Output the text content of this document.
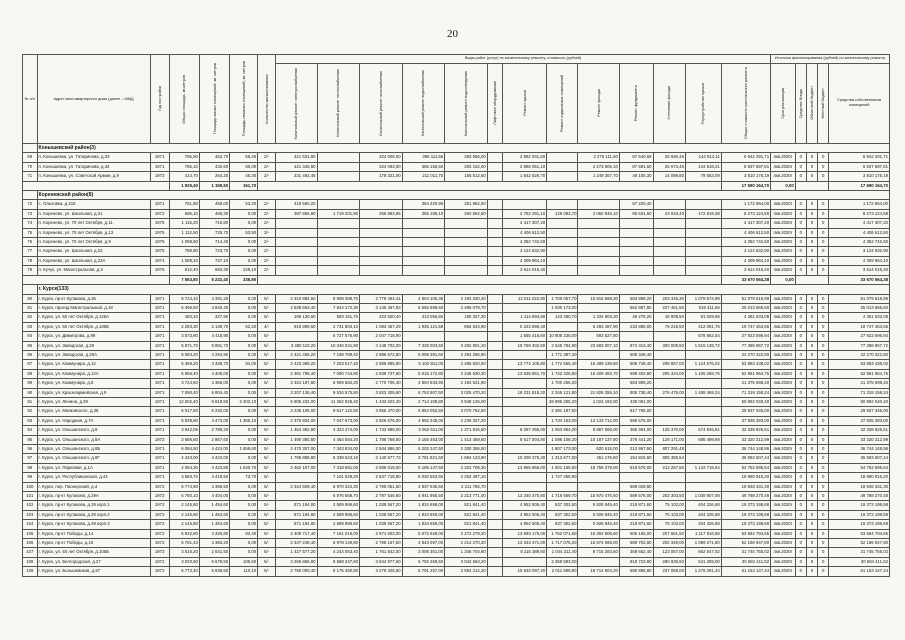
20
№ п/п	Адрес многоквартирного дома (далее – МКД)	Год постройки	Общая площадь, кв.метров	Площадь жилых помещений, кв. метров	Площадь нежилых помещений, кв. метров	Количество жилых/нежилых	Виды работ (услуг) по капитальному ремонту, стоимость (рублей)													Источник финансирования (рублей) по капитальному ремонту				

							Капитальный ремонт электроснабжения	Капитальный ремонт теплоснабжения	Капитальный ремонт газоснабжения	Капитальный ремонт водоснабжения	Капитальный ремонт водоотведения	Лифтовое оборудование	Ремонт крыши	Ремонт подвальных помещений	Ремонт фасада	Ремонт фундамента	Утепление фасада	Переустройство крыши	Общая стоимость капитального ремонта	Срок реализации	Средства Фонда	Областной бюджет	Местный бюджет	Средства собственников помещений
	Конышевский район(3)																							
69	п. Конышевка, ул. Татаринова, д.33	1971	755,50	462,70	56,40	2/-	421 531,80		324 008,00	396 111,56	283 556,00		2 992 931,60		2 275 111,60	87 640,69	25 690,46	144 914,11	6 942 291,71	4кв.2020г	0	0	0	6 942 291,71
70	п. Конышевка, ул. Татаринова, д.34	1971	755,10	432,60	60,00	2/-	421 345,80		324 093,00	356 156,50	283 162,00		2 986 051,10		2 273 605,10	87 591,60	25 673,46	144 818,21	6 937 697,81	4кв.2020г	0	0	0	6 937 697,81
71	п. Конышевка, ул. Советской Армии, д.9	1972	414,70	264,20	45,30	2/-	231 492,46		178 321,00	211 011,70	155 512,50		1 642 626,70		1 249 357,70	48 105,30	14 099,80	79 553,09	3 810 175,19	4кв.2020г	0	0	0	3 810 175,19
			1 925,40	1 159,50	161,70														17 690 164,70	0,00				17 690 164,70
	Кореневский район(8)																							
72	с. Ольховка, д.215	1971	751,90	458,00	53,20	2/-	419 560,20			384 220,96	281 962,50					87 220,40			1 172 964,00	4кв.2020г	0	0	0	1 172 964,00
73	п. Коренево, ул. Школьная, д.21	1972	695,10	465,30	0,00	2/-	387 865,80	1 719 201,90	256 883,95	355 186,10	260 662,50		2 752 291,10	129 083,70	2 060 946,10	80 631,60	23 633,40	172 819,38	8 273 124,58	4кв.2020г	0	0	0	8 273 124,58
74	п. Коренево, ул. 70 лет Октября, д.11	1975	1 115,20	715,80	0,00	2/-							4 417 307,20						4 417 307,20	4кв.2020г	0	0	0	4 417 307,20
75	п. Коренево, ул. 70 лет Октября, д.13	1975	1 112,50	725,70	53,50	2/-							4 406 612,50						4 406 612,50	4кв.2020г	0	0	0	4 406 612,50
76	п. Коренево, ул. 70 лет Октября, д.9	1975	1 098,60	714,40	0,00	2/-							4 352 742,60						4 352 742,60	4кв.2020г	0	0	0	4 352 742,60
77	п. Коренево, ул. Школьная, д.23	1975	788,90	723,70	0,00	2/-							3 124 832,90						3 124 832,90	4кв.2020г	0	0	0	3 124 832,90
78	п. Коренево, ул. Школьная, д.23А	1974	1 088,10	737,10	0,00	2/-							4 309 964,10						4 309 964,10	4кв.2020г	0	0	0	4 309 964,10
79	п. Кучук, ул. Магистральная, д.3	1976	912,40	683,30	229,10	2/-							3 614 016,40						3 614 016,40	4кв.2020г	0	0	0	3 614 016,40
			7 563,80	5 232,40	335,80														33 670 564,38	0,00				33 670 564,38
	г. Курск(133)																							
80	г. Курск, пр-кт Кулакова, д.35	1971	5 724,10	4 391,20	0,00	5/-	2 323 884,60	8 908 388,70	2 779 464,41	4 804 105,35	2 192 330,30		12 011 022,80	1 700 057,70	15 815 688,30	583 858,20	203 345,30	1 078 574,99	51 079 618,99	4кв.2020г	0	0	0	51 079 618,99
81	г. Курск, проезд Магистральный, д.18	1971	6 496,50	4 840,40	0,00	5/-	2 638 553,40	7 844 172,30	3 145 467,93	5 556 599,50	2 486 079,70			1 930 173,00		662 887,80	227 461,50	519 311,56	25 013 665,60	4кв.2020г	0	0	0	25 013 665,60
82	г. Курск, ул. 50 лет Октября, д.126А	1971	483,10	327,90	0,00	5/-	196 130,60	583 151,70	223 820,40	413 056,50	185 327,30		1 114 894,80	143 480,70	1 334 803,30	49 276,20	16 908,50	91 029,68	4 361 633,08	4кв.2020г	0	0	0	4 361 633,08
83	г. Курск, ул. 50 лет Октября, д.186Б	1971	2 283,30	2 139,70	52,20	4/-	916 899,60	2 731 803,10	1 083 457,29	1 935 121,58	866 843,90		5 223 896,40		6 293 487,90	233 886,00	79 215,50	412 081,75	19 747 463,65	4кв.2020г	0	0	0	19 747 463,65
84	г. Курск, ул. Димитрова, д.99	1971	3 573,80	4 418,90	0,00	5/-		6 727 576,90	2 047 718,90				1 655 416,60	10 808 235,00	593 527,80			578 862,54	27 923 596,94	4кв.2020г	0	0	0	27 923 596,94
85	г. Курск, ул. Заводская, д.29	1971	5 871,70	5 891,70	0,00	5/-	3 480 110,20	10 346 041,90	4 148 702,00	7 328 003,50	3 292 901,10		19 769 402,60	2 545 784,90	23 683 007,10	874 313,40	300 009,50	1 615 139,72	77 398 967,72	4кв.2020г	0	0	0	77 398 967,72
86	г. Курск, ул. Заводская, д.29А	1971	5 084,20	4 294,90	0,00	5/-	2 421 465,20	7 198 789,40	2 886 672,80	5 099 391,60	2 284 286,90			1 771 387,40		608 348,40			22 270 322,80	4кв.2020г	0	0	0	22 270 322,80
87	г. Курск, ул. Коммунара, д.12	1971	5 469,20	4 339,70	94,00	5/-	2 423 389,20	7 203 517,40	2 889 896,80	5 102 811,00	2 285 820,50		13 774 105,80	1 772 555,40	16 489 138,60	608 748,40	208 867,00	1 124 576,02	53 883 438,02	4кв.2020г	0	0	0	53 883 438,02
88	г. Курск, ул. Коммунара, д.12А	1971	5 866,40	4 406,00	0,00	5/-	2 381 798,40	7 090 744,80	2 839 737,60	5 015 172,80	2 246 630,30		13 539 851,70	1 742 326,80	16 209 483,70	598 402,80	205 324,00	1 105 268,75	52 961 964,75	4кв.2020г	0	0	0	52 961 964,75
89	г. Курск, ул. Коммунара, д.8	1971	3 724,60	4 366,00	0,00	5/-	3 324 187,80	6 909 562,20	2 770 706,40	4 894 533,90	2 192 531,90			1 700 256,20		583 909,20			21 375 698,40	4кв.2020г	0	0	0	21 375 698,40
90	г. Курск, ул. Красноармейская, д.9	1971	7 090,40	6 804,40	0,00	5/-	3 207 136,40	9 534 575,80	3 823 305,60	6 753 907,50	3 025 470,20		18 231 815,20	2 346 121,80	21 826 355,10	805 738,40	276 479,00	1 488 469,24	71 319 158,24	4кв.2020г	0	0	0	71 319 158,24
91	г. Курск, ул. Ленина, д.29	1971	12 602,40	9 618,50	2 402,10	5/-	5 905 232,00	11 362 925,40	1 433 622,40	2 714 108,80	3 948 126,00			28 986 255,20	1 024 192,00	435 081,00			50 992 040,40	4кв.2020г	0	0	0	50 992 040,40
92	г. Курск, ул. Маяковского, д.38	1971	6 017,50	6 232,00	0,00	5/-	3 235 105,00	9 617 122,50	3 856 470,00	6 854 062,50	3 070 762,50			2 381 197,50		817 765,00			29 937 345,00	4кв.2020г	0	0	0	29 937 345,00
93	г. Курск, ул. Народная, д.7А	1971	5 839,60	4 473,00	1 365,10	5/-	2 370 834,00	7 047 673,00	2 826 676,00	4 992 345,00	2 236 327,20			1 734 163,00	13 133 712,00	595 576,00			37 935 393,00	4кв.2020г	0	0	0	37 935 393,00
94	г. Курск, ул. Ольшанского, д.8	1971	3 942,06	2 789,20	0,00	5/-	1 454 392,80	4 323 474,00	1 733 988,00	3 062 611,00	1 371 916,50		8 297 256,00	1 063 854,00	9 897 066,00	365 364,00	125 370,00	674 945,51	32 339 825,51	4кв.2020г	0	0	0	32 339 825,51
95	г. Курск, ул. Ольшанского, д.8А	1972	3 686,60	2 867,60	0,00	5/-	1 490 380,60	4 454 554,20	1 786 768,60	3 155 463,00	1 413 459,60		8 517 004,80	1 096 108,20	10 187 137,80	376 441,20	129 171,00	695 499,69	33 320 312,99	4кв.2020г	0	0	0	33 320 312,99
96	г. Курск, ул. Ольшанского, д.8Б	1971	6 084,50	4 424,00	1 659,60	5/-	2 470 307,00	7 343 934,00	2 944 866,00	5 202 247,50	2 330 356,50			1 807 173,00	620 615,00	212 957,50	807 291,48		36 744 148,96	4кв.2020г	0	0	0	36 744 148,96
97	г. Курск, ул. Ольшанского, д.8Г	1971	4 423,00	4 423,00	0,00	5/-	1 795 858,80	5 338 623,10	2 140 677,73	3 781 821,50	1 694 123,90		10 208 376,40	1 313 677,50	451 176,60	154 815,50	805 355,54		36 593 607,44	4кв.2020г	0	0	0	36 593 607,44
98	г. Курск, ул. Парковая, д.1А	1971	4 064,30	4 423,80	1 640,70	5/-	2 462 107,00	7 318 651,00	2 935 018,00	5 185 147,50	2 322 706,30		13 965 866,00	1 801 156,50	16 758 279,00	618 576,00	212 257,50	1 142 715,54	54 752 595,54	4кв.2020г	0	0	0	54 752 595,54
99	г. Курск, ул. Республиканская, д.44	1971	3 683,70	4 418,50	73,70	5/-		7 101 629,20	2 847 718,80	5 030 563,50	2 253 497,10			1 747 458,90					18 980 816,20	4кв.2020г	0	0	0	18 980 816,20
100	г. Курск, пер. Пионерский, д.4	1972	5 774,90	4 386,50	0,00	5/-	2 344 609,40	6 970 324,30	2 795 051,60	4 937 535,50	2 211 786,70					589 029,80			19 848 331,30	4кв.2020г	0	0	0	19 848 331,30
101	г. Курск, пр-кт Кулакова, д.29А	1972	5 780,10	4 404,00	0,00	5/-		6 976 568,70	2 797 546,60	4 941 955,50	2 213 771,00		13 340 470,80	1 716 669,70	15 970 476,50	589 576,00	202 303,50	1 038 907,08	49 788 270,48	4кв.2020г	0	0	0	49 788 270,48
102	г. Курск, пр-кт Кулакова, д.29 корп.1	1972	2 145,80	1 454,60	0,00	5/-	871 194,80	2 589 986,60	1 038 567,20	1 834 659,00	821 841,40		4 952 506,40	637 302,60	5 928 845,40	218 871,60	75 102,00	404 326,68	19 373 198,68	4кв.2020г	0	0	0	19 373 198,68
103	г. Курск, пр-кт Кулакова, д.29 корп.2	1972	2 145,80	1 454,60	0,00	5/-	871 194,80	2 589 986,60	1 038 567,20	1 834 659,00	821 841,40		4 952 506,40	637 302,60	5 928 845,40	218 871,60	75 103,00	404 326,68	19 373 198,68	4кв.2020г	0	0	0	19 373 198,68
104	г. Курск, пр-кт Кулакова, д.29 корп.3	1972	2 145,80	1 454,60	0,00	5/-	871 194,80	2 589 986,60	1 038 567,20	1 834 659,00	821 841,40		4 952 506,40	637 302,60	5 928 845,40	218 871,60	75 103,00	404 326,68	19 373 198,68	4кв.2020г	0	0	0	19 373 198,68
105	г. Курск, пр-кт Победы, д.14	1972	5 932,80	4 326,80	83,40	5/-	2 408 717,40	7 161 015,00	2 871 502,00	5 072 628,00	2 272 279,20		13 693 175,00	1 762 071,60	16 392 806,60	605 165,00	207 661,50	1 117 816,55	53 564 794,65	4кв.2020г	0	0	0	53 564 794,65
106	г. Курск, пр-кт Победы, д.16	1972	5 781,43	4 383,20	0,00	5/-	2 347 248,40	6 978 149,80	2 798 167,60	4 943 097,00	2 214 270,20		13 343 471,00	1 717 075,20	15 974 068,00	589 702,80	202 349,00	1 089 271,80	52 196 947,80	4кв.2020г	0	0	0	52 196 947,80
107	г. Курск, ул. 50 лет Октября, д.105Б	1972	3 516,20	2 641,50	0,00	5/-	1 427 577,20	4 244 053,40	1 761 842,00	3 006 351,00	1 346 704,80		8 115 389,60	1 044 311,40	9 715 283,60	358 652,40	123 067,00	662 547,02	31 745 755,02	4кв.2020г	0	0	0	31 745 755,02
108	г. Курск, ул. Белгородская, д.27	1972	3 020,60	5 679,50	106,50	5/-	3 266 866,80	9 588 347,60	3 844 977,60	6 792 269,50	3 042 663,20			2 358 593,00		818 723,80	280 936,50	641 289,00	30 684 411,52	4кв.2020г	0	0	0	30 684 411,52
109	г. Курск, ул. Большевиков, д.97	1972	6 773,40	5 838,50	110,10	5/-	2 750 000,40	8 175 450,80	3 278 325,60	5 791 257,00	2 594 212,20		15 633 097,20	2 011 699,80	18 714 904,20	690 886,80	237 069,00	1 276 291,44	61 153 147,44	4кв.2020г	0	0	0	61 153 147,44
